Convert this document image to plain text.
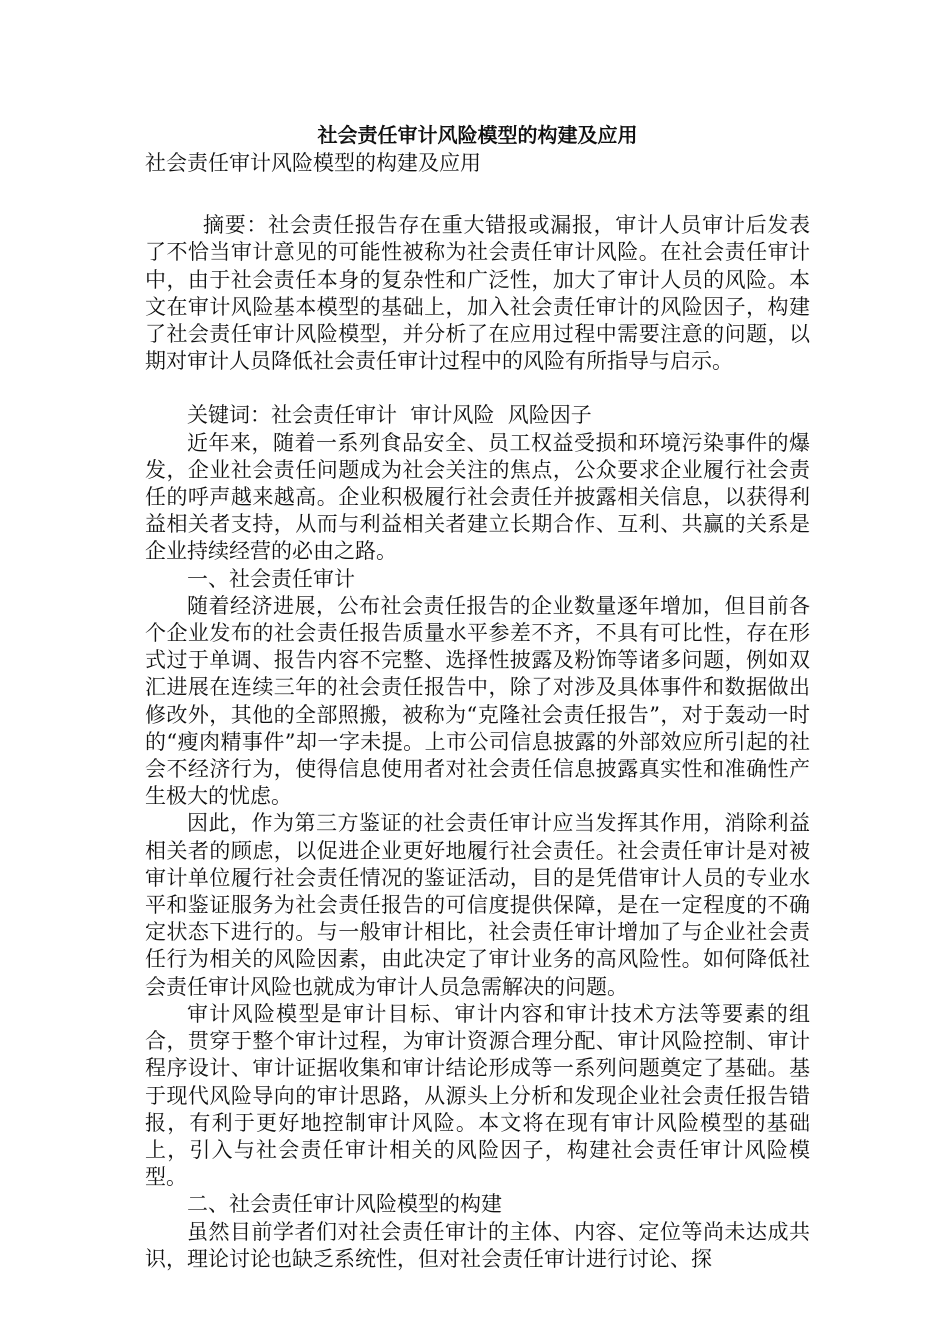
社会责任审计风险模型的构建及应用
社会责任审计风险模型的构建及应用
摘要：社会责任报告存在重大错报或漏报，审计人员审计后发表了不恰当审计意见的可能性被称为社会责任审计风险。在社会责任审计中，由于社会责任本身的复杂性和广泛性，加大了审计人员的风险。本文在审计风险基本模型的基础上，加入社会责任审计的风险因子，构建了社会责任审计风险模型，并分析了在应用过程中需要注意的问题，以期对审计人员降低社会责任审计过程中的风险有所指导与启示。
关键词：社会责任审计  审计风险  风险因子
近年来，随着一系列食品安全、员工权益受损和环境污染事件的爆发，企业社会责任问题成为社会关注的焦点，公众要求企业履行社会责任的呼声越来越高。企业积极履行社会责任并披露相关信息，以获得利益相关者支持，从而与利益相关者建立长期合作、互利、共赢的关系是企业持续经营的必由之路。
一、社会责任审计
随着经济进展，公布社会责任报告的企业数量逐年增加，但目前各个企业发布的社会责任报告质量水平参差不齐，不具有可比性，存在形式过于单调、报告内容不完整、选择性披露及粉饰等诸多问题，例如双汇进展在连续三年的社会责任报告中，除了对涉及具体事件和数据做出修改外，其他的全部照搬，被称为“克隆社会责任报告”，对于轰动一时的“瘦肉精事件”却一字未提。上市公司信息披露的外部效应所引起的社会不经济行为，使得信息使用者对社会责任信息披露真实性和准确性产生极大的忧虑。
因此，作为第三方鉴证的社会责任审计应当发挥其作用，消除利益相关者的顾虑，以促进企业更好地履行社会责任。社会责任审计是对被审计单位履行社会责任情况的鉴证活动，目的是凭借审计人员的专业水平和鉴证服务为社会责任报告的可信度提供保障，是在一定程度的不确定状态下进行的。与一般审计相比，社会责任审计增加了与企业社会责任行为相关的风险因素，由此决定了审计业务的高风险性。如何降低社会责任审计风险也就成为审计人员急需解决的问题。
审计风险模型是审计目标、审计内容和审计技术方法等要素的组合，贯穿于整个审计过程，为审计资源合理分配、审计风险控制、审计程序设计、审计证据收集和审计结论形成等一系列问题奠定了基础。基于现代风险导向的审计思路，从源头上分析和发现企业社会责任报告错报，有利于更好地控制审计风险。本文将在现有审计风险模型的基础上，引入与社会责任审计相关的风险因子，构建社会责任审计风险模型。
二、社会责任审计风险模型的构建
虽然目前学者们对社会责任审计的主体、内容、定位等尚未达成共识，理论讨论也缺乏系统性，但对社会责任审计进行讨论、探
